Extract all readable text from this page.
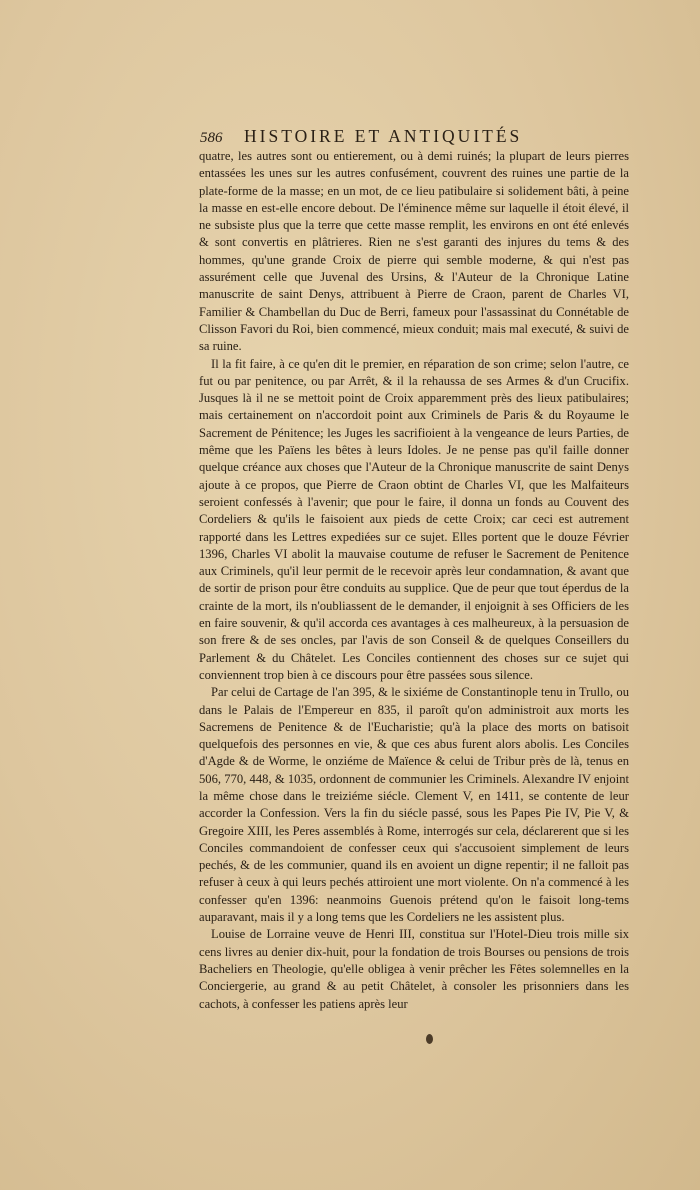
586 HISTOIRE ET ANTIQUITÉS

quatre, les autres sont ou entierement, ou à demi ruinés; la plupart de leurs pierres entassées les unes sur les autres confusément, couvrent des ruines une partie de la plate-forme de la masse; en un mot, de ce lieu patibulaire si solidement bâti, à peine la masse en est-elle encore debout. De l'éminence même sur laquelle il étoit élevé, il ne subsiste plus que la terre que cette masse remplit, les environs en ont été enlevés & sont convertis en plâtrieres. Rien ne s'est garanti des injures du tems & des hommes, qu'une grande Croix de pierre qui semble moderne, & qui n'est pas assurément celle que Juvenal des Ursins, & l'Auteur de la Chronique Latine manuscrite de saint Denys, attribuent à Pierre de Craon, parent de Charles VI, Familier & Chambellan du Duc de Berri, fameux pour l'assassinat du Connétable de Clisson Favori du Roi, bien commencé, mieux conduit; mais mal executé, & suivi de sa ruine.

Il la fit faire, à ce qu'en dit le premier, en réparation de son crime; selon l'autre, ce fut ou par penitence, ou par Arrêt, & il la rehaussa de ses Armes & d'un Crucifix. Jusques là il ne se mettoit point de Croix apparemment près des lieux patibulaires; mais certainement on n'accordoit point aux Criminels de Paris & du Royaume le Sacrement de Pénitence; les Juges les sacrifioient à la vengeance de leurs Parties, de même que les Païens les bêtes à leurs Idoles. Je ne pense pas qu'il faille donner quelque créance aux choses que l'Auteur de la Chronique manuscrite de saint Denys ajoute à ce propos, que Pierre de Craon obtint de Charles VI, que les Malfaiteurs seroient confessés à l'avenir; que pour le faire, il donna un fonds au Couvent des Cordeliers & qu'ils le faisoient aux pieds de cette Croix; car ceci est autrement rapporté dans les Lettres expediées sur ce sujet. Elles portent que le douze Février 1396, Charles VI abolit la mauvaise coutume de refuser le Sacrement de Penitence aux Criminels, qu'il leur permit de le recevoir après leur condamnation, & avant que de sortir de prison pour être conduits au supplice. Que de peur que tout éperdus de la crainte de la mort, ils n'oubliassent de le demander, il enjoignit à ses Officiers de les en faire souvenir, & qu'il accorda ces avantages à ces malheureux, à la persuasion de son frere & de ses oncles, par l'avis de son Conseil & de quelques Conseillers du Parlement & du Châtelet. Les Conciles contiennent des choses sur ce sujet qui conviennent trop bien à ce discours pour être passées sous silence.

Par celui de Cartage de l'an 395, & le sixiéme de Constantinople tenu in Trullo, ou dans le Palais de l'Empereur en 835, il paroît qu'on administroit aux morts les Sacremens de Penitence & de l'Eucharistie; qu'à la place des morts on batisoit quelquefois des personnes en vie, & que ces abus furent alors abolis. Les Conciles d'Agde & de Worme, le onziéme de Maïence & celui de Tribur près de là, tenus en 506, 770, 448, & 1035, ordonnent de communier les Criminels. Alexandre IV enjoint la même chose dans le treiziéme siécle. Clement V, en 1411, se contente de leur accorder la Confession. Vers la fin du siécle passé, sous les Papes Pie IV, Pie V, & Gregoire XIII, les Peres assemblés à Rome, interrogés sur cela, déclarerent que si les Conciles commandoient de confesser ceux qui s'accusoient simplement de leurs pechés, & de les communier, quand ils en avoient un digne repentir; il ne falloit pas refuser à ceux à qui leurs pechés attiroient une mort violente. On n'a commencé à les confesser qu'en 1396: neanmoins Guenois prétend qu'on le faisoit long-tems auparavant, mais il y a long tems que les Cordeliers ne les assistent plus.

Louise de Lorraine veuve de Henri III, constitua sur l'Hotel-Dieu trois mille six cens livres au denier dix-huit, pour la fondation de trois Bourses ou pensions de trois Bacheliers en Theologie, qu'elle obligea à venir prêcher les Fêtes solemnelles en la Conciergerie, au grand & au petit Châtelet, à consoler les prisonniers dans les cachots, à confesser les patiens après leur
